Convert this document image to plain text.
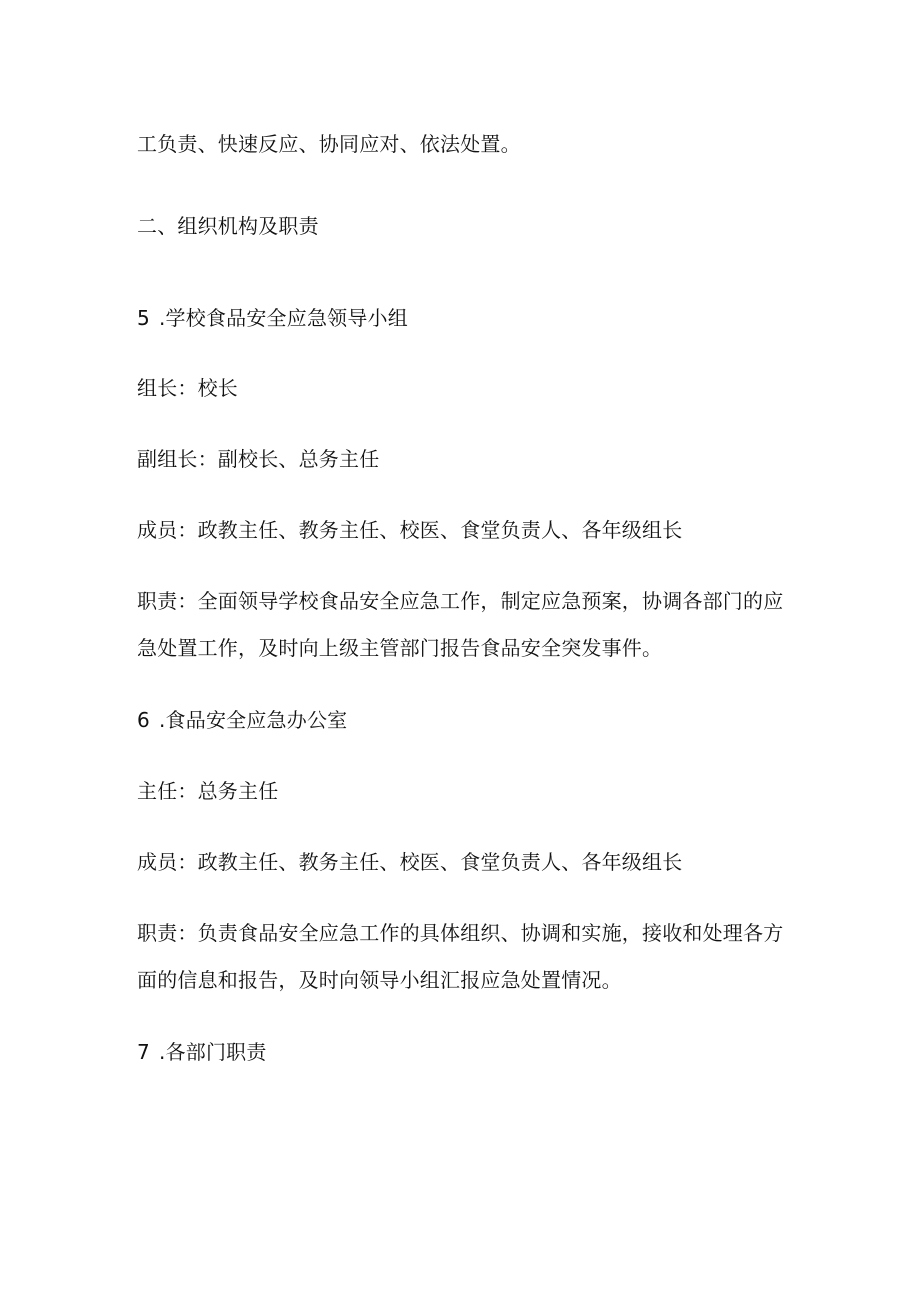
工负责、快速反应、协同应对、依法处置。
二、组织机构及职责
5 .学校食品安全应急领导小组
组长：校长
副组长：副校长、总务主任
成员：政教主任、教务主任、校医、食堂负责人、各年级组长
职责：全面领导学校食品安全应急工作，制定应急预案，协调各部门的应
急处置工作，及时向上级主管部门报告食品安全突发事件。
6 .食品安全应急办公室
主任：总务主任
成员：政教主任、教务主任、校医、食堂负责人、各年级组长
职责：负责食品安全应急工作的具体组织、协调和实施，接收和处理各方
面的信息和报告，及时向领导小组汇报应急处置情况。
7 .各部门职责
